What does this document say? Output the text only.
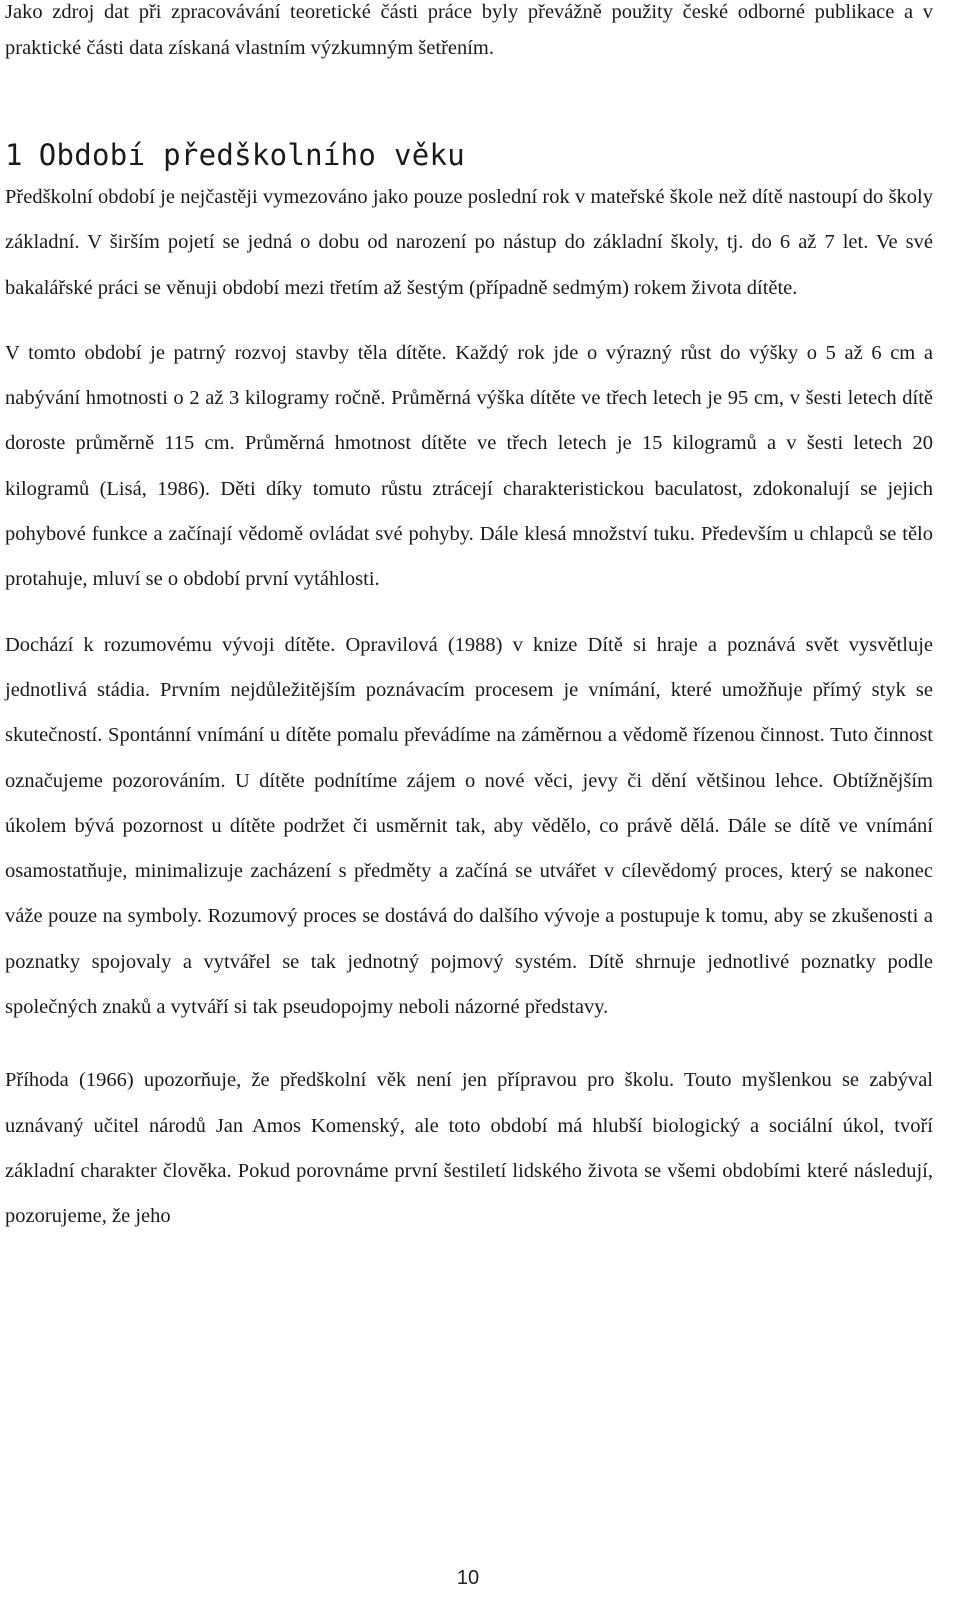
Jako zdroj dat při zpracovávání teoretické části práce byly převážně použity české odborné publikace a v praktické části data získaná vlastním výzkumným šetřením.

1 Období předškolního věku

Předškolní období je nejčastěji vymezováno jako pouze poslední rok v mateřské škole než dítě nastoupí do školy základní. V širším pojetí se jedná o dobu od narození po nástup do základní školy, tj. do 6 až 7 let. Ve své bakalářské práci se věnuji období mezi třetím až šestým (případně sedmým) rokem života dítěte.

V tomto období je patrný rozvoj stavby těla dítěte. Každý rok jde o výrazný růst do výšky o 5 až 6 cm a nabývání hmotnosti o 2 až 3 kilogramy ročně. Průměrná výška dítěte ve třech letech je 95 cm, v šesti letech dítě doroste průměrně 115 cm. Průměrná hmotnost dítěte ve třech letech je 15 kilogramů a v šesti letech 20 kilogramů (Lisá, 1986). Děti díky tomuto růstu ztrácejí charakteristickou baculatost, zdokonalují se jejich pohybové funkce a začínají vědomě ovládat své pohyby. Dále klesá množství tuku. Především u chlapců se tělo protahuje, mluví se o období první vytáhlosti.

Dochází k rozumovému vývoji dítěte. Opravilová (1988) v knize Dítě si hraje a poznává svět vysvětluje jednotlivá stádia. Prvním nejdůležitějším poznávacím procesem je vnímání, které umožňuje přímý styk se skutečností. Spontánní vnímání u dítěte pomalu převádíme na záměrnou a vědomě řízenou činnost. Tuto činnost označujeme pozorováním. U dítěte podnítíme zájem o nové věci, jevy či dění většinou lehce. Obtížnějším úkolem bývá pozornost u dítěte podržet či usměrnit tak, aby vědělo, co právě dělá. Dále se dítě ve vnímání osamostatňuje, minimalizuje zacházení s předměty a začíná se utvářet v cílevědomý proces, který se nakonec váže pouze na symboly. Rozumový proces se dostává do dalšího vývoje a postupuje k tomu, aby se zkušenosti a poznatky spojovaly a vytvářel se tak jednotný pojmový systém. Dítě shrnuje jednotlivé poznatky podle společných znaků a vytváří si tak pseudopojmy neboli názorné představy.

Příhoda (1966) upozorňuje, že předškolní věk není jen přípravou pro školu. Touto myšlenkou se zabýval uznávaný učitel národů Jan Amos Komenský, ale toto období má hlubší biologický a sociální úkol, tvoří základní charakter člověka. Pokud porovnáme první šestiletí lidského života se všemi obdobími které následují, pozorujeme, že jeho

10
